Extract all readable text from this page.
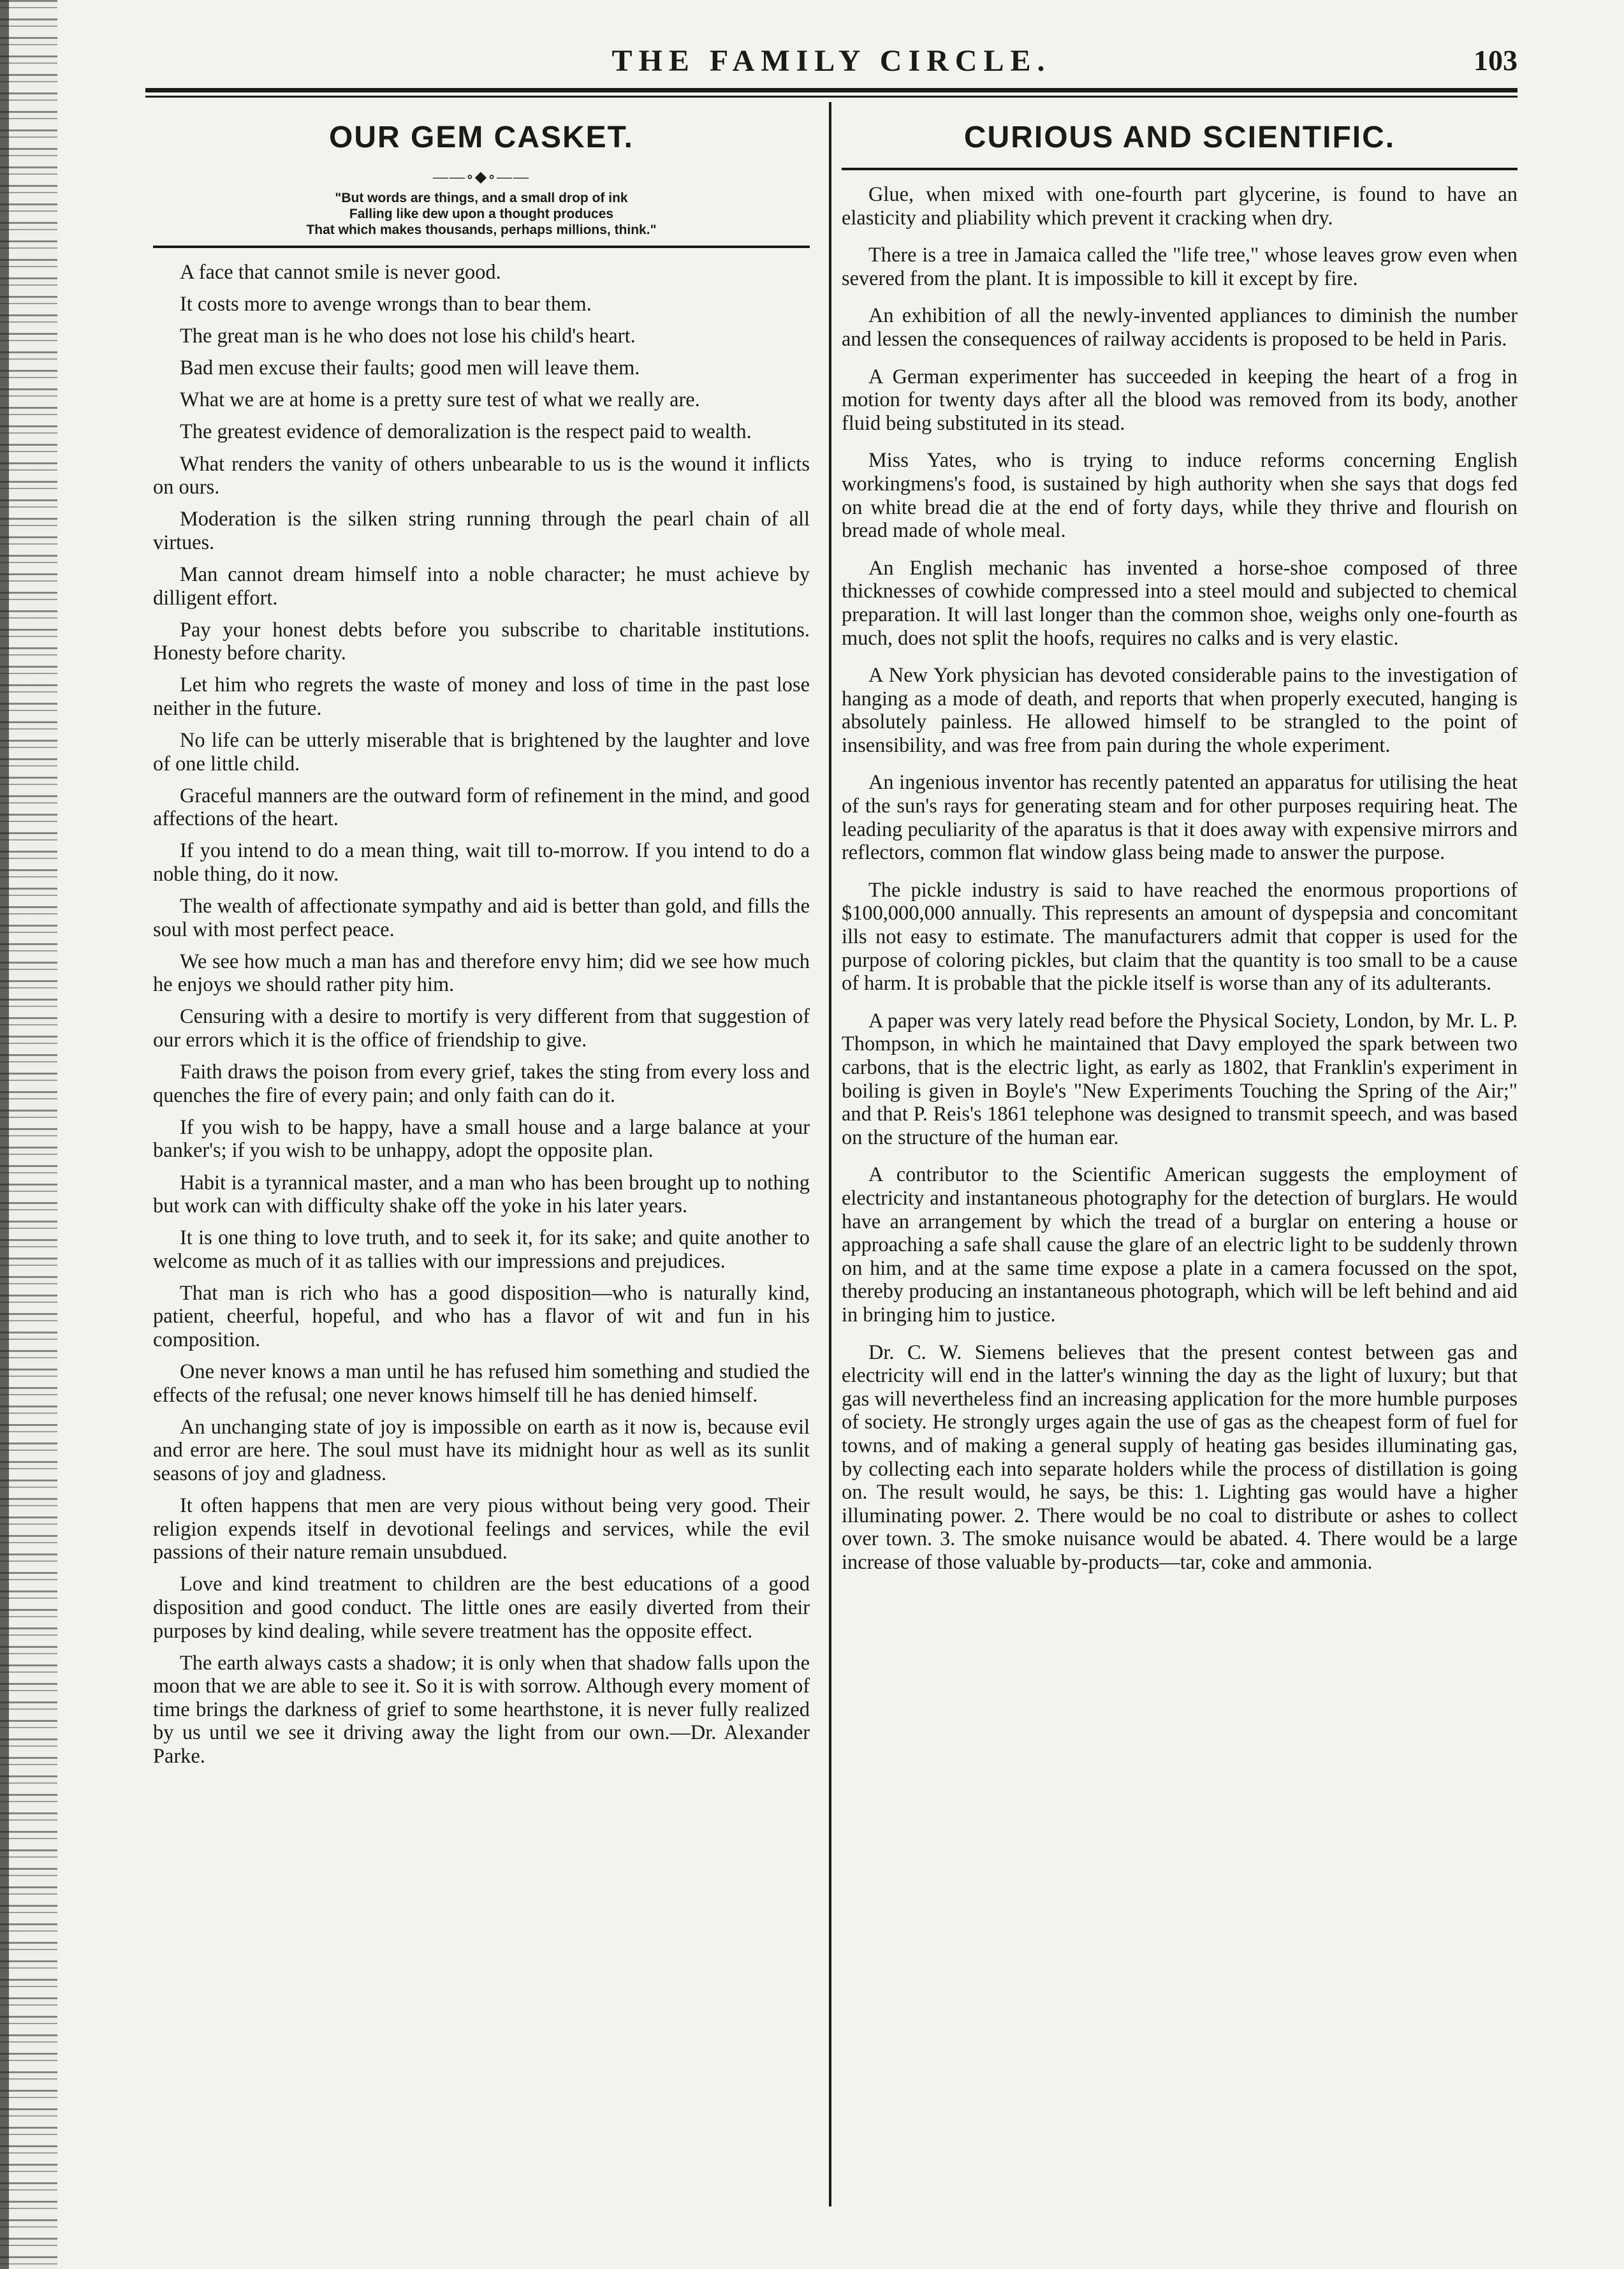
THE FAMILY CIRCLE.	103
OUR GEM CASKET.
——∘◆∘——
"But words are things, and a small drop of ink
Falling like dew upon a thought produces
That which makes thousands, perhaps millions, think."

A face that cannot smile is never good.

It costs more to avenge wrongs than to bear them.

The great man is he who does not lose his child's heart.

Bad men excuse their faults; good men will leave them.

What we are at home is a pretty sure test of what we really are.

The greatest evidence of demoralization is the respect paid to wealth.

What renders the vanity of others unbearable to us is the wound it inflicts on ours.

Moderation is the silken string running through the pearl chain of all virtues.

Man cannot dream himself into a noble character; he must achieve by dilligent effort.

Pay your honest debts before you subscribe to charitable institutions. Honesty before charity.

Let him who regrets the waste of money and loss of time in the past lose neither in the future.

No life can be utterly miserable that is brightened by the laughter and love of one little child.

Graceful manners are the outward form of refinement in the mind, and good affections of the heart.

If you intend to do a mean thing, wait till to-morrow. If you intend to do a noble thing, do it now.

The wealth of affectionate sympathy and aid is better than gold, and fills the soul with most perfect peace.

We see how much a man has and therefore envy him; did we see how much he enjoys we should rather pity him.

Censuring with a desire to mortify is very different from that suggestion of our errors which it is the office of friendship to give.

Faith draws the poison from every grief, takes the sting from every loss and quenches the fire of every pain; and only faith can do it.

If you wish to be happy, have a small house and a large balance at your banker's; if you wish to be unhappy, adopt the opposite plan.

Habit is a tyrannical master, and a man who has been brought up to nothing but work can with difficulty shake off the yoke in his later years.

It is one thing to love truth, and to seek it, for its sake; and quite another to welcome as much of it as tallies with our impressions and prejudices.

That man is rich who has a good disposition—who is naturally kind, patient, cheerful, hopeful, and who has a flavor of wit and fun in his composition.

One never knows a man until he has refused him something and studied the effects of the refusal; one never knows himself till he has denied himself.

An unchanging state of joy is impossible on earth as it now is, because evil and error are here. The soul must have its midnight hour as well as its sunlit seasons of joy and gladness.

It often happens that men are very pious without being very good. Their religion expends itself in devotional feelings and services, while the evil passions of their nature remain unsubdued.

Love and kind treatment to children are the best educations of a good disposition and good conduct. The little ones are easily diverted from their purposes by kind dealing, while severe treatment has the opposite effect.

The earth always casts a shadow; it is only when that shadow falls upon the moon that we are able to see it. So it is with sorrow. Although every moment of time brings the darkness of grief to some hearthstone, it is never fully realized by us until we see it driving away the light from our own.—Dr. Alexander Parke.

CURIOUS AND SCIENTIFIC.

Glue, when mixed with one-fourth part glycerine, is found to have an elasticity and pliability which prevent it cracking when dry.

There is a tree in Jamaica called the "life tree," whose leaves grow even when severed from the plant. It is impossible to kill it except by fire.

An exhibition of all the newly-invented appliances to diminish the number and lessen the consequences of railway accidents is proposed to be held in Paris.

A German experimenter has succeeded in keeping the heart of a frog in motion for twenty days after all the blood was removed from its body, another fluid being substituted in its stead.

Miss Yates, who is trying to induce reforms concerning English workingmens's food, is sustained by high authority when she says that dogs fed on white bread die at the end of forty days, while they thrive and flourish on bread made of whole meal.

An English mechanic has invented a horse-shoe composed of three thicknesses of cowhide compressed into a steel mould and subjected to chemical preparation. It will last longer than the common shoe, weighs only one-fourth as much, does not split the hoofs, requires no calks and is very elastic.

A New York physician has devoted considerable pains to the investigation of hanging as a mode of death, and reports that when properly executed, hanging is absolutely painless. He allowed himself to be strangled to the point of insensibility, and was free from pain during the whole experiment.

An ingenious inventor has recently patented an apparatus for utilising the heat of the sun's rays for generating steam and for other purposes requiring heat. The leading peculiarity of the aparatus is that it does away with expensive mirrors and reflectors, common flat window glass being made to answer the purpose.

The pickle industry is said to have reached the enormous proportions of $100,000,000 annually. This represents an amount of dyspepsia and concomitant ills not easy to estimate. The manufacturers admit that copper is used for the purpose of coloring pickles, but claim that the quantity is too small to be a cause of harm. It is probable that the pickle itself is worse than any of its adulterants.

A paper was very lately read before the Physical Society, London, by Mr. L. P. Thompson, in which he maintained that Davy employed the spark between two carbons, that is the electric light, as early as 1802, that Franklin's experiment in boiling is given in Boyle's "New Experiments Touching the Spring of the Air;" and that P. Reis's 1861 telephone was designed to transmit speech, and was based on the structure of the human ear.

A contributor to the Scientific American suggests the employment of electricity and instantaneous photography for the detection of burglars. He would have an arrangement by which the tread of a burglar on entering a house or approaching a safe shall cause the glare of an electric light to be suddenly thrown on him, and at the same time expose a plate in a camera focussed on the spot, thereby producing an instantaneous photograph, which will be left behind and aid in bringing him to justice.

Dr. C. W. Siemens believes that the present contest between gas and electricity will end in the latter's winning the day as the light of luxury; but that gas will nevertheless find an increasing application for the more humble purposes of society. He strongly urges again the use of gas as the cheapest form of fuel for towns, and of making a general supply of heating gas besides illuminating gas, by collecting each into separate holders while the process of distillation is going on. The result would, he says, be this: 1. Lighting gas would have a higher illuminating power. 2. There would be no coal to distribute or ashes to collect over town. 3. The smoke nuisance would be abated. 4. There would be a large increase of those valuable by-products—tar, coke and ammonia.
